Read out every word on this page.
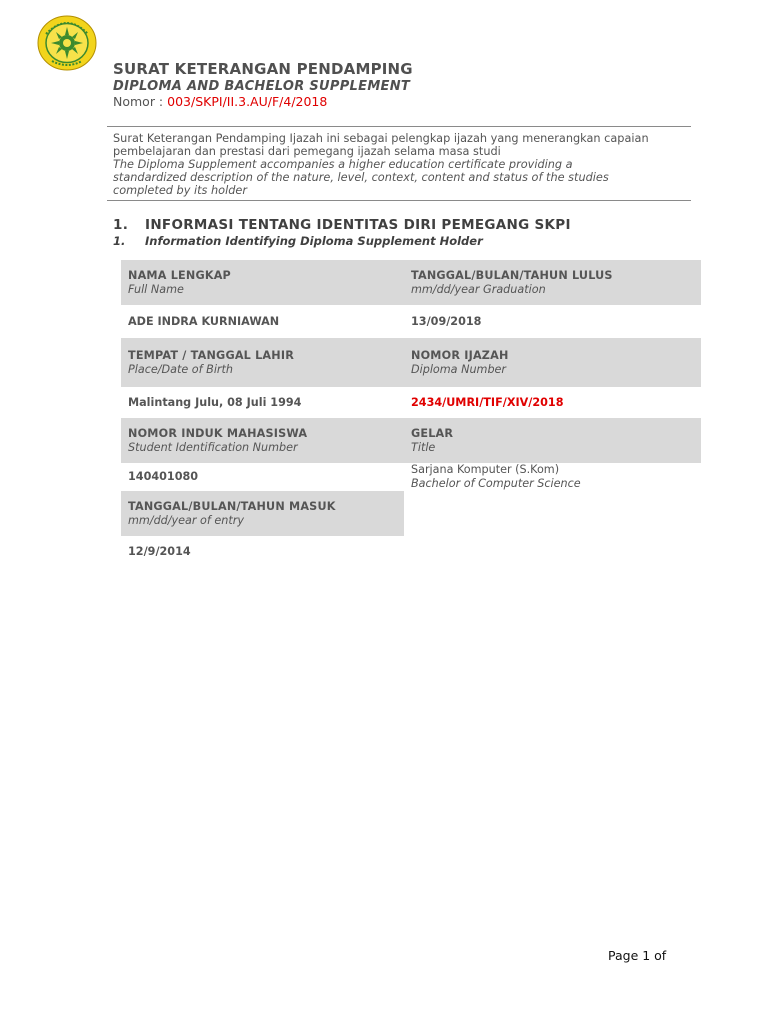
SURAT KETERANGAN PENDAMPING
DIPLOMA AND BACHELOR SUPPLEMENT
Nomor : 003/SKPI/II.3.AU/F/4/2018

Surat Keterangan Pendamping Ijazah ini sebagai pelengkap ijazah yang menerangkan capaian

pembelajaran dan prestasi dari pemegang ijazah selama masa studi

The Diploma Supplement accompanies a higher education certificate providing a

standardized description of the nature, level, context, content and status of the studies

completed by its holder

1. INFORMASI TENTANG IDENTITAS DIRI PEMEGANG SKPI
1. Information Identifying Diploma Supplement Holder
NAMA LENGKAP
Full Name
TANGGAL/BULAN/TAHUN LULUS
mm/dd/year Graduation
ADE INDRA KURNIAWAN	13/09/2018
TEMPAT / TANGGAL LAHIR
Place/Date of Birth
NOMOR IJAZAH
Diploma Number
Malintang Julu, 08 Juli 1994	2434/UMRI/TIF/XIV/2018
NOMOR INDUK MAHASISWA
Student Identification Number
GELAR
Title
140401080
Sarjana Komputer (S.Kom)
Bachelor of Computer Science
TANGGAL/BULAN/TAHUN MASUK
mm/dd/year of entry
12/9/2014
Page 1 of
